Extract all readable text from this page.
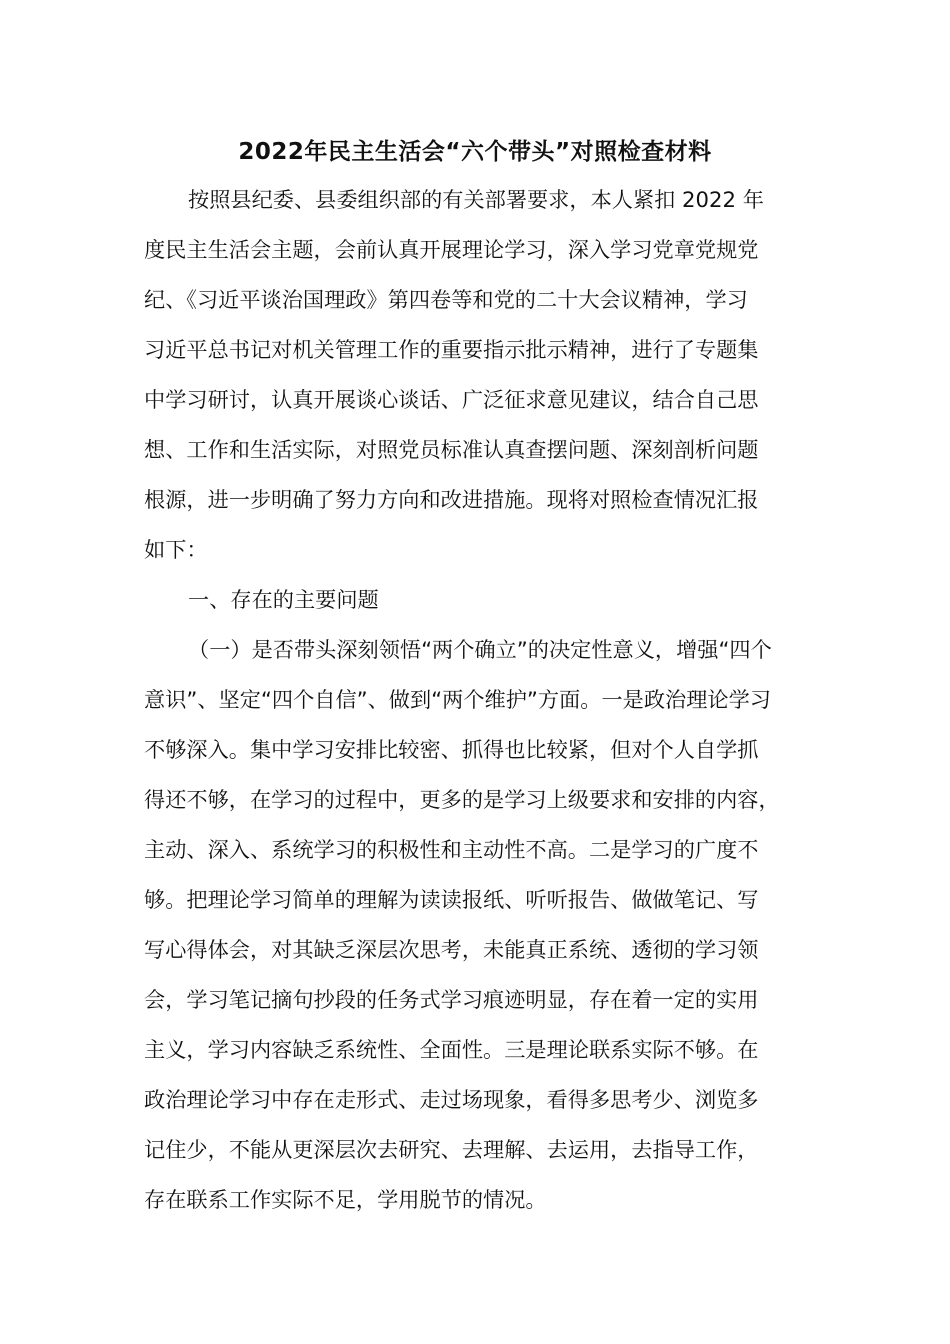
2022年民主生活会“六个带头”对照检查材料
按照县纪委、县委组织部的有关部署要求，本人紧扣 2022 年
度民主生活会主题，会前认真开展理论学习，深入学习党章党规党
纪、《习近平谈治国理政》第四卷等和党的二十大会议精神，学习
习近平总书记对机关管理工作的重要指示批示精神，进行了专题集
中学习研讨，认真开展谈心谈话、广泛征求意见建议，结合自己思
想、工作和生活实际，对照党员标准认真查摆问题、深刻剖析问题
根源，进一步明确了努力方向和改进措施。现将对照检查情况汇报
如下：
一、存在的主要问题
（一）是否带头深刻领悟“两个确立”的决定性意义，增强“四个
意识”、坚定“四个自信”、做到“两个维护”方面。一是政治理论学习
不够深入。集中学习安排比较密、抓得也比较紧，但对个人自学抓
得还不够，在学习的过程中，更多的是学习上级要求和安排的内容，
主动、深入、系统学习的积极性和主动性不高。二是学习的广度不
够。把理论学习简单的理解为读读报纸、听听报告、做做笔记、写
写心得体会，对其缺乏深层次思考，未能真正系统、透彻的学习领
会，学习笔记摘句抄段的任务式学习痕迹明显，存在着一定的实用
主义，学习内容缺乏系统性、全面性。三是理论联系实际不够。在
政治理论学习中存在走形式、走过场现象，看得多思考少、浏览多
记住少，不能从更深层次去研究、去理解、去运用，去指导工作，
存在联系工作实际不足，学用脱节的情况。
